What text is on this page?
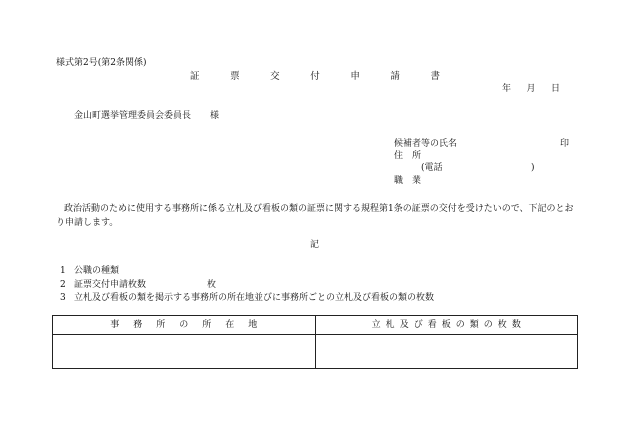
様式第2号(第2条関係)
証	票	交	付	申	請	書
年 月 日
金山町選挙管理委員会委員長 様
候補者等の氏名	印
住　所
(電話	)
職　業
政治活動のために使用する事務所に係る立札及び看板の類の証票に関する規程第1条の証票の交付を受けたいので、下記のとおり申請します。
記
1 公職の種類
2 証票交付申請枚数	枚
3 立札及び看板の類を掲示する事務所の所在地並びに事務所ごとの立札及び看板の類の枚数
事 務 所 の 所 在 地	立 札 及 び 看 板 の 類 の 枚 数
